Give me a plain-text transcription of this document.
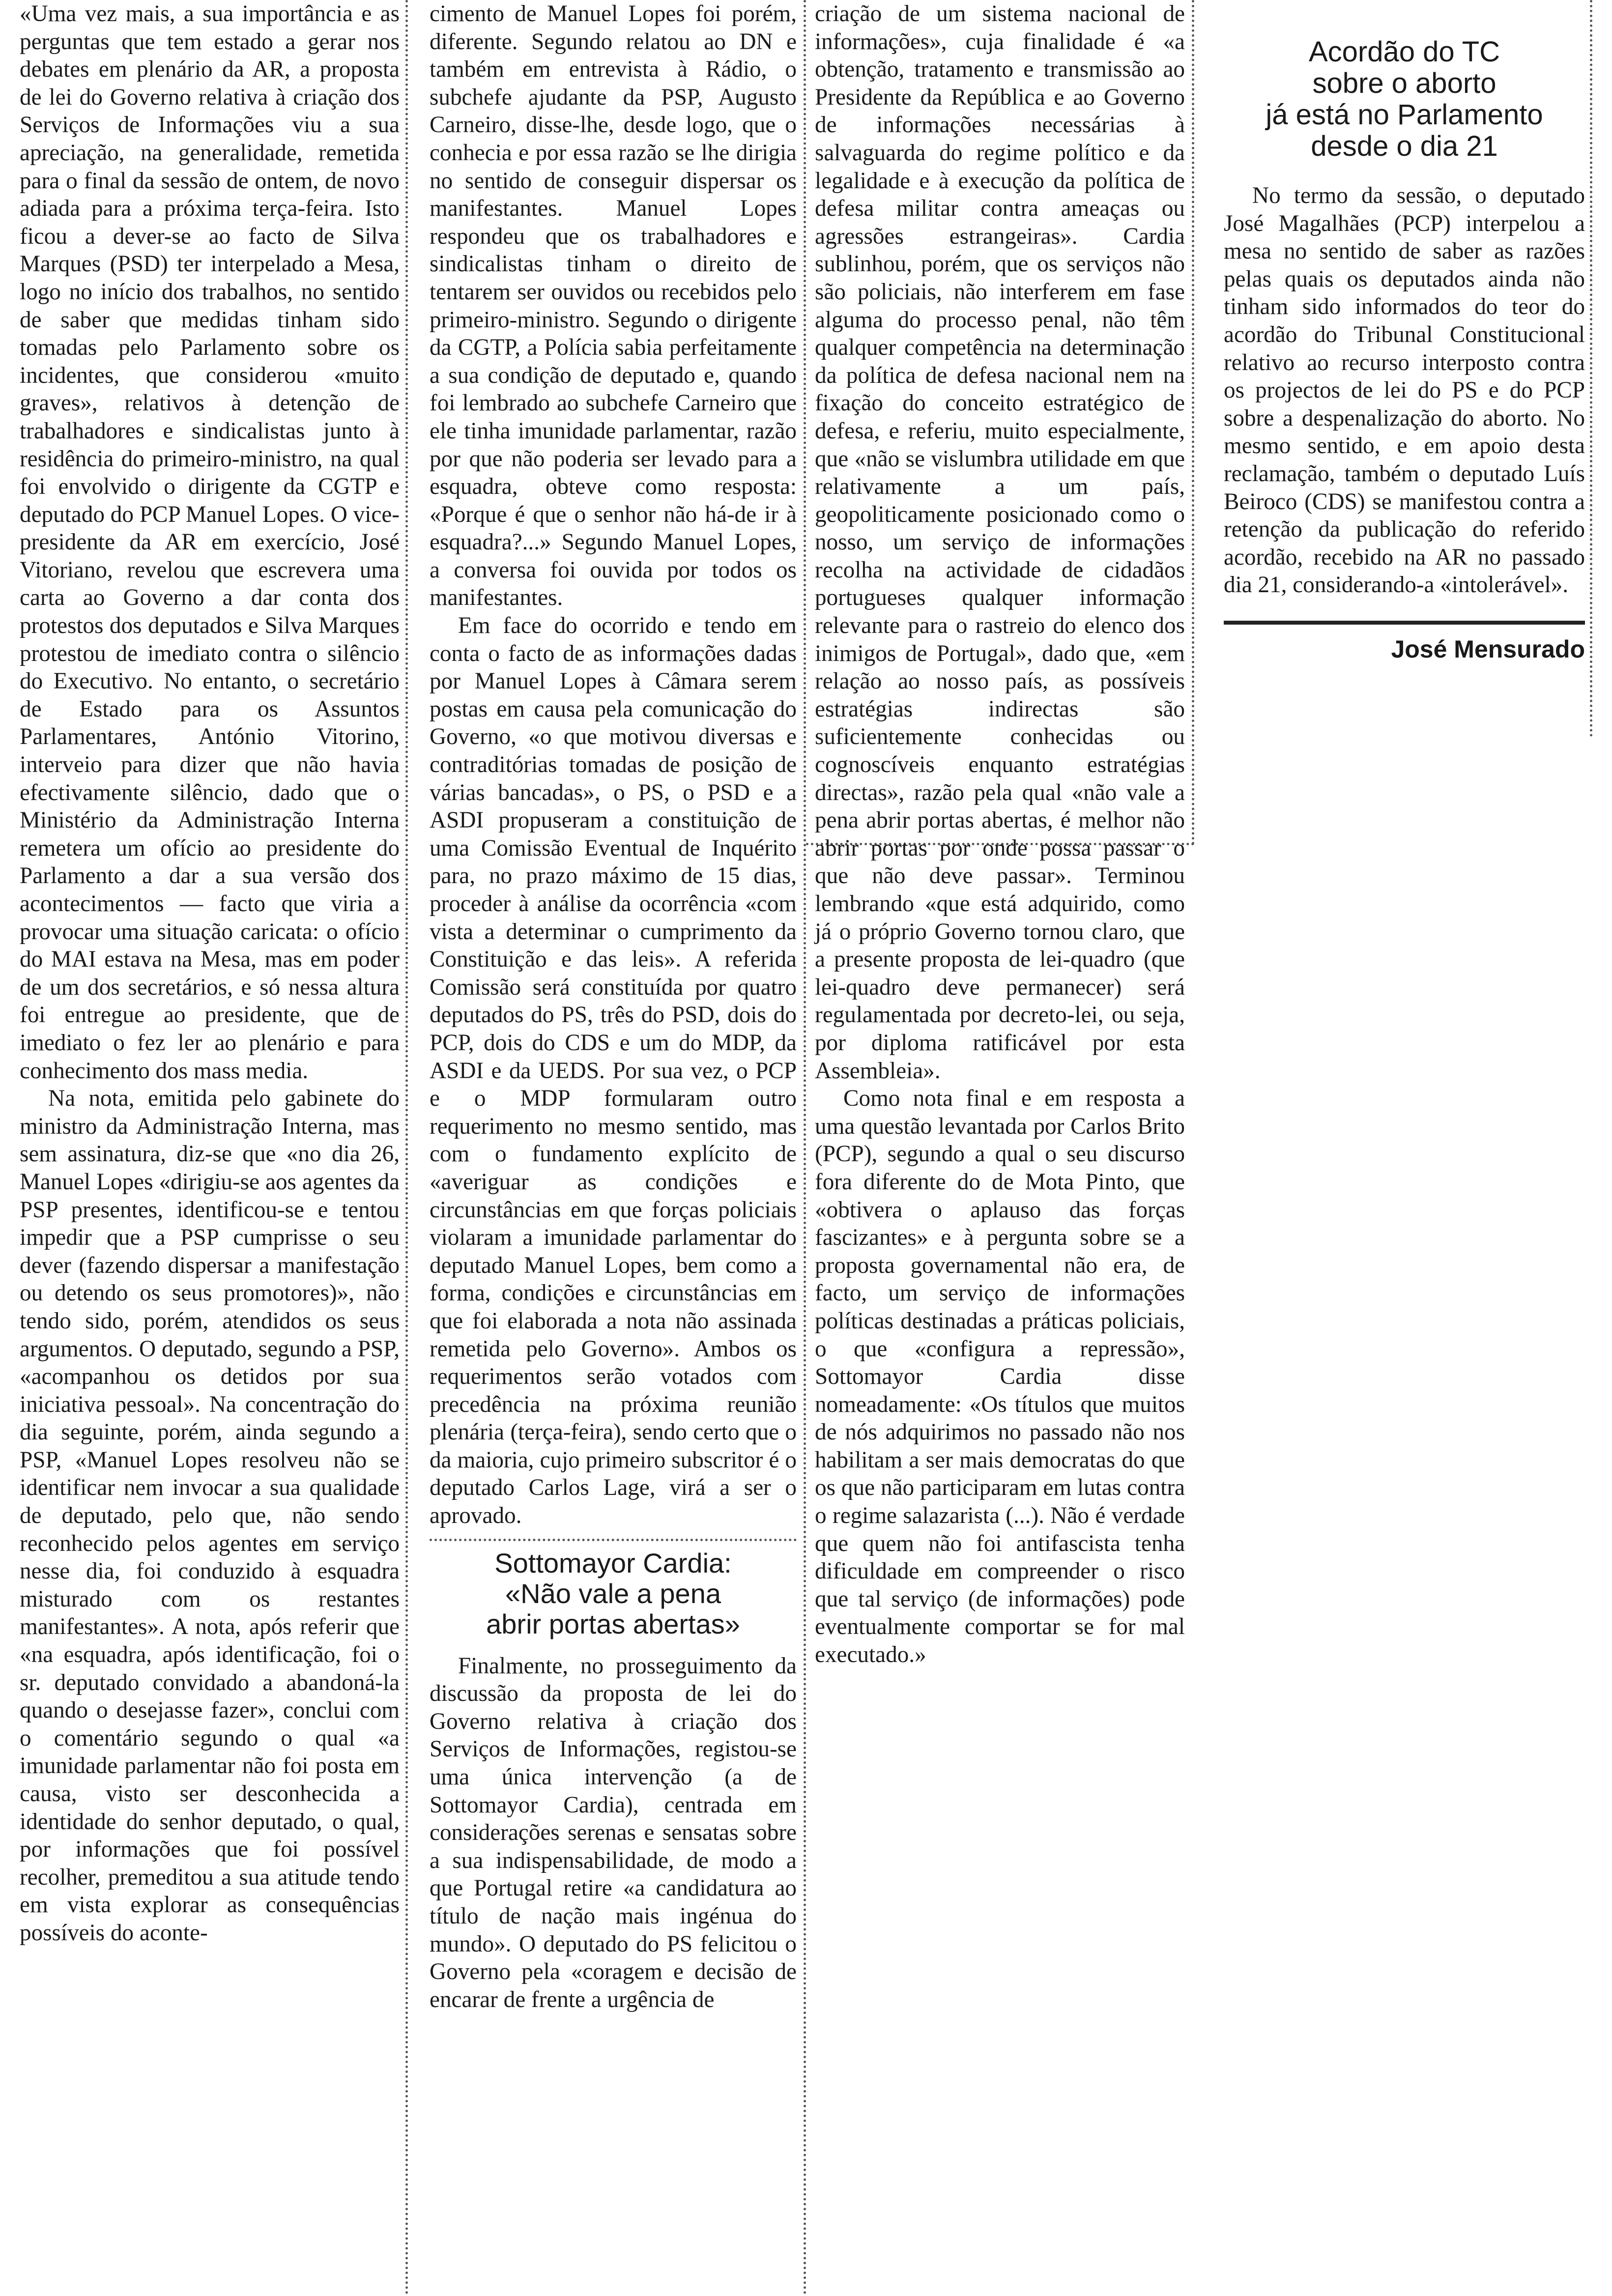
«Uma vez mais, a sua importância e as perguntas que tem estado a gerar nos debates em plenário da AR, a proposta de lei do Governo relativa à criação dos Serviços de Informações viu a sua apreciação, na generalidade, remetida para o final da sessão de ontem, de novo adiada para a próxima terça-feira. Isto ficou a dever-se ao facto de Silva Marques (PSD) ter interpelado a Mesa, logo no início dos trabalhos, no sentido de saber que medidas tinham sido tomadas pelo Parlamento sobre os incidentes, que considerou «muito graves», relativos à detenção de trabalhadores e sindicalistas junto à residência do primeiro-ministro, na qual foi envolvido o dirigente da CGTP e deputado do PCP Manuel Lopes. O vice-presidente da AR em exercício, José Vitoriano, revelou que escrevera uma carta ao Governo a dar conta dos protestos dos deputados e Silva Marques protestou de imediato contra o silêncio do Executivo. No entanto, o secretário de Estado para os Assuntos Parlamentares, António Vitorino, interveio para dizer que não havia efectivamente silêncio, dado que o Ministério da Administração Interna remetera um ofício ao presidente do Parlamento a dar a sua versão dos acontecimentos — facto que viria a provocar uma situação caricata: o ofício do MAI estava na Mesa, mas em poder de um dos secretários, e só nessa altura foi entregue ao presidente, que de imediato o fez ler ao plenário e para conhecimento dos mass media.

Na nota, emitida pelo gabinete do ministro da Administração Interna, mas sem assinatura, diz-se que «no dia 26, Manuel Lopes «dirigiu-se aos agentes da PSP presentes, identificou-se e tentou impedir que a PSP cumprisse o seu dever (fazendo dispersar a manifestação ou detendo os seus promotores)», não tendo sido, porém, atendidos os seus argumentos. O deputado, segundo a PSP, «acompanhou os detidos por sua iniciativa pessoal». Na concentração do dia seguinte, porém, ainda segundo a PSP, «Manuel Lopes resolveu não se identificar nem invocar a sua qualidade de deputado, pelo que, não sendo reconhecido pelos agentes em serviço nesse dia, foi conduzido à esquadra misturado com os restantes manifestantes». A nota, após referir que «na esquadra, após identificação, foi o sr. deputado convidado a abandoná-la quando o desejasse fazer», conclui com o comentário segundo o qual «a imunidade parlamentar não foi posta em causa, visto ser desconhecida a identidade do senhor deputado, o qual, por informações que foi possível recolher, premeditou a sua atitude tendo em vista explorar as consequências possíveis do aconte-

cimento de Manuel Lopes foi porém, diferente. Segundo relatou ao DN e também em entrevista à Rádio, o subchefe ajudante da PSP, Augusto Carneiro, disse-lhe, desde logo, que o conhecia e por essa razão se lhe dirigia no sentido de conseguir dispersar os manifestantes. Manuel Lopes respondeu que os trabalhadores e sindicalistas tinham o direito de tentarem ser ouvidos ou recebidos pelo primeiro-ministro. Segundo o dirigente da CGTP, a Polícia sabia perfeitamente a sua condição de deputado e, quando foi lembrado ao subchefe Carneiro que ele tinha imunidade parlamentar, razão por que não poderia ser levado para a esquadra, obteve como resposta: «Porque é que o senhor não há-de ir à esquadra?...» Segundo Manuel Lopes, a conversa foi ouvida por todos os manifestantes.

Em face do ocorrido e tendo em conta o facto de as informações dadas por Manuel Lopes à Câmara serem postas em causa pela comunicação do Governo, «o que motivou diversas e contraditórias tomadas de posição de várias bancadas», o PS, o PSD e a ASDI propuseram a constituição de uma Comissão Eventual de Inquérito para, no prazo máximo de 15 dias, proceder à análise da ocorrência «com vista a determinar o cumprimento da Constituição e das leis». A referida Comissão será constituída por quatro deputados do PS, três do PSD, dois do PCP, dois do CDS e um do MDP, da ASDI e da UEDS. Por sua vez, o PCP e o MDP formularam outro requerimento no mesmo sentido, mas com o fundamento explícito de «averiguar as condições e circunstâncias em que forças policiais violaram a imunidade parlamentar do deputado Manuel Lopes, bem como a forma, condições e circunstâncias em que foi elaborada a nota não assinada remetida pelo Governo». Ambos os requerimentos serão votados com precedência na próxima reunião plenária (terça-feira), sendo certo que o da maioria, cujo primeiro subscritor é o deputado Carlos Lage, virá a ser o aprovado.

Sottomayor Cardia:
«Não vale a pena
abrir portas abertas»

Finalmente, no prosseguimento da discussão da proposta de lei do Governo relativa à criação dos Serviços de Informações, registou-se uma única intervenção (a de Sottomayor Cardia), centrada em considerações serenas e sensatas sobre a sua indispensabilidade, de modo a que Portugal retire «a candidatura ao título de nação mais ingénua do mundo». O deputado do PS felicitou o Governo pela «coragem e decisão de encarar de frente a urgência de

criação de um sistema nacional de informações», cuja finalidade é «a obtenção, tratamento e transmissão ao Presidente da República e ao Governo de informações necessárias à salvaguarda do regime político e da legalidade e à execução da política de defesa militar contra ameaças ou agressões estrangeiras». Cardia sublinhou, porém, que os serviços não são policiais, não interferem em fase alguma do processo penal, não têm qualquer competência na determinação da política de defesa nacional nem na fixação do conceito estratégico de defesa, e referiu, muito especialmente, que «não se vislumbra utilidade em que relativamente a um país, geopoliticamente posicionado como o nosso, um serviço de informações recolha na actividade de cidadãos portugueses qualquer informação relevante para o rastreio do elenco dos inimigos de Portugal», dado que, «em relação ao nosso país, as possíveis estratégias indirectas são suficientemente conhecidas ou cognoscíveis enquanto estratégias directas», razão pela qual «não vale a pena abrir portas abertas, é melhor não abrir portas por onde possa passar o que não deve passar». Terminou lembrando «que está adquirido, como já o próprio Governo tornou claro, que a presente proposta de lei-quadro (que lei-quadro deve permanecer) será regulamentada por decreto-lei, ou seja, por diploma ratificável por esta Assembleia».

Como nota final e em resposta a uma questão levantada por Carlos Brito (PCP), segundo a qual o seu discurso fora diferente do de Mota Pinto, que «obtivera o aplauso das forças fascizantes» e à pergunta sobre se a proposta governamental não era, de facto, um serviço de informações políticas destinadas a práticas policiais, o que «configura a repressão», Sottomayor Cardia disse nomeadamente: «Os títulos que muitos de nós adquirimos no passado não nos habilitam a ser mais democratas do que os que não participaram em lutas contra o regime salazarista (...). Não é verdade que quem não foi antifascista tenha dificuldade em compreender o risco que tal serviço (de informações) pode eventualmente comportar se for mal executado.»

Acordão do TC
sobre o aborto
já está no Parlamento
desde o dia 21

No termo da sessão, o deputado José Magalhães (PCP) interpelou a mesa no sentido de saber as razões pelas quais os deputados ainda não tinham sido informados do teor do acordão do Tribunal Constitucional relativo ao recurso interposto contra os projectos de lei do PS e do PCP sobre a despenalização do aborto. No mesmo sentido, e em apoio desta reclamação, também o deputado Luís Beiroco (CDS) se manifestou contra a retenção da publicação do referido acordão, recebido na AR no passado dia 21, considerando-a «intolerável».

José Mensurado
